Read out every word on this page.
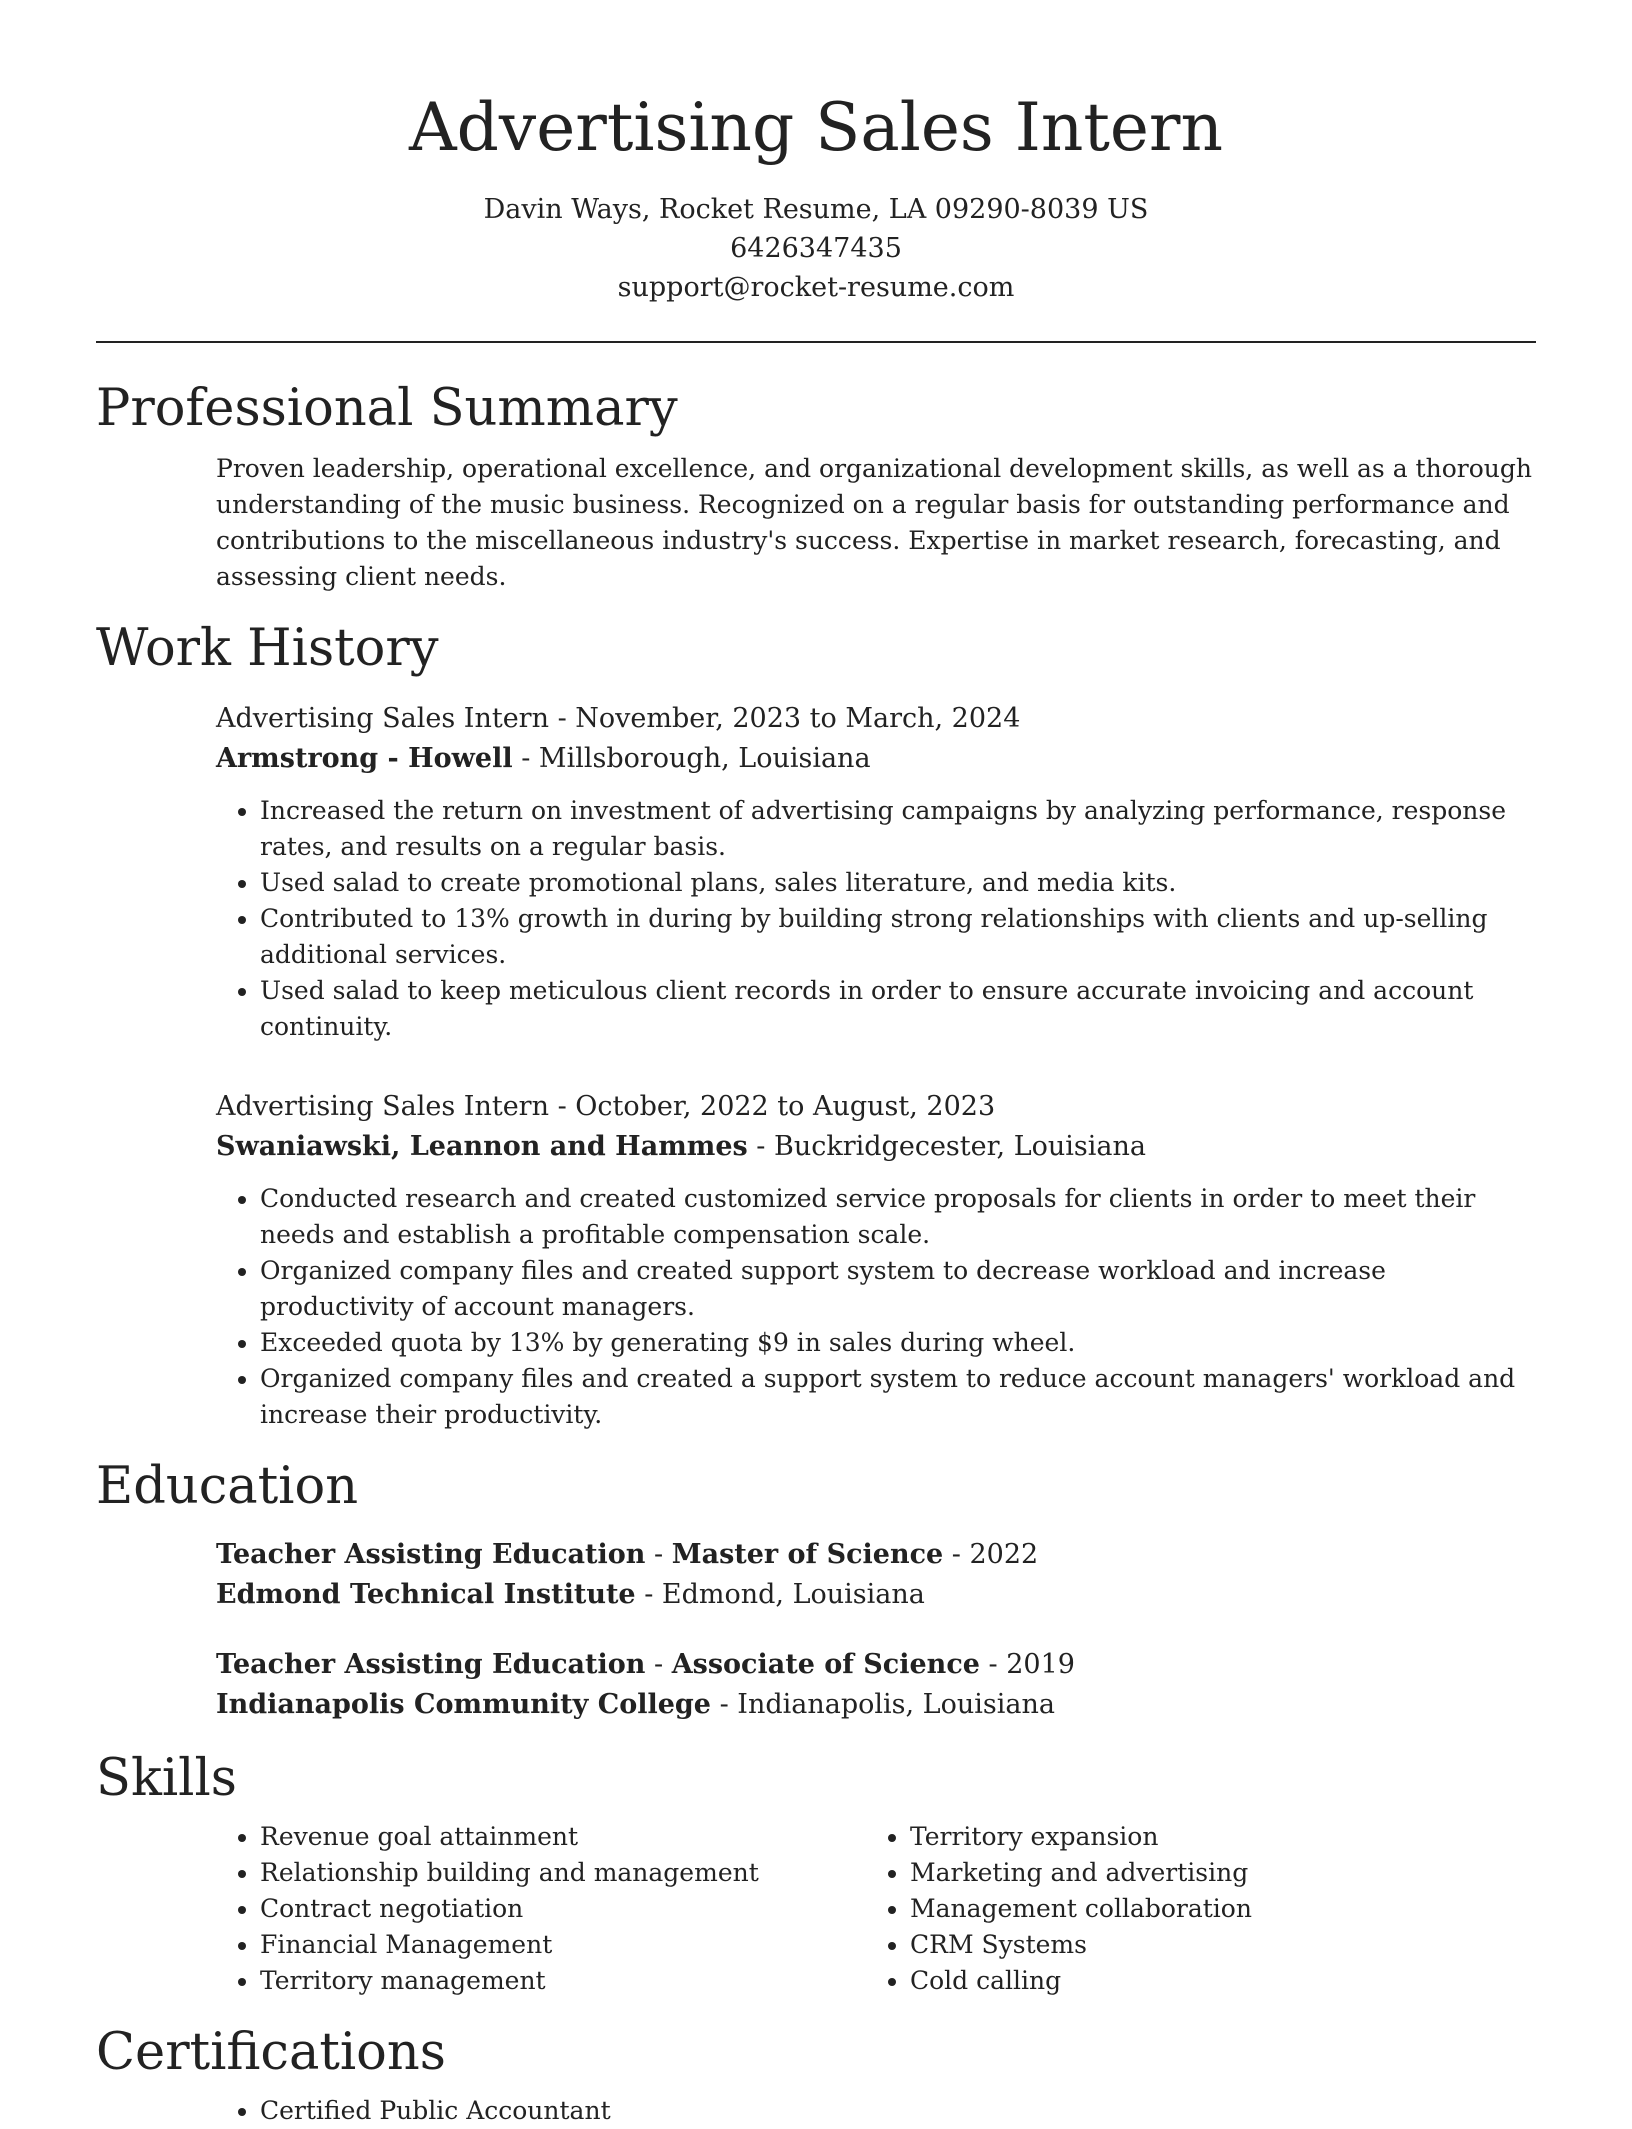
Advertising Sales Intern
Davin Ways, Rocket Resume, LA 09290-8039 US
6426347435
support@rocket-resume.com
Professional Summary

Proven leadership, operational excellence, and organizational development skills, as well as a thorough understanding of the music business. Recognized on a regular basis for outstanding performance and contributions to the miscellaneous industry's success. Expertise in market research, forecasting, and assessing client needs.

Work History
Advertising Sales Intern - November, 2023 to March, 2024
Armstrong - Howell - Millsborough, Louisiana
• Increased the return on investment of advertising campaigns by analyzing performance, response rates, and results on a regular basis.
• Used salad to create promotional plans, sales literature, and media kits.
• Contributed to 13% growth in during by building strong relationships with clients and up-selling additional services.
• Used salad to keep meticulous client records in order to ensure accurate invoicing and account continuity.
Advertising Sales Intern - October, 2022 to August, 2023
Swaniawski, Leannon and Hammes - Buckridgecester, Louisiana
• Conducted research and created customized service proposals for clients in order to meet their needs and establish a profitable compensation scale.
• Organized company files and created support system to decrease workload and increase productivity of account managers.
• Exceeded quota by 13% by generating $9 in sales during wheel.
• Organized company files and created a support system to reduce account managers' workload and increase their productivity.
Education
Teacher Assisting Education - Master of Science - 2022
Edmond Technical Institute - Edmond, Louisiana
Teacher Assisting Education - Associate of Science - 2019
Indianapolis Community College - Indianapolis, Louisiana
Skills
• Revenue goal attainment
• Relationship building and management
• Contract negotiation
• Financial Management
• Territory management
• Territory expansion
• Marketing and advertising
• Management collaboration
• CRM Systems
• Cold calling
Certifications
• Certified Public Accountant
